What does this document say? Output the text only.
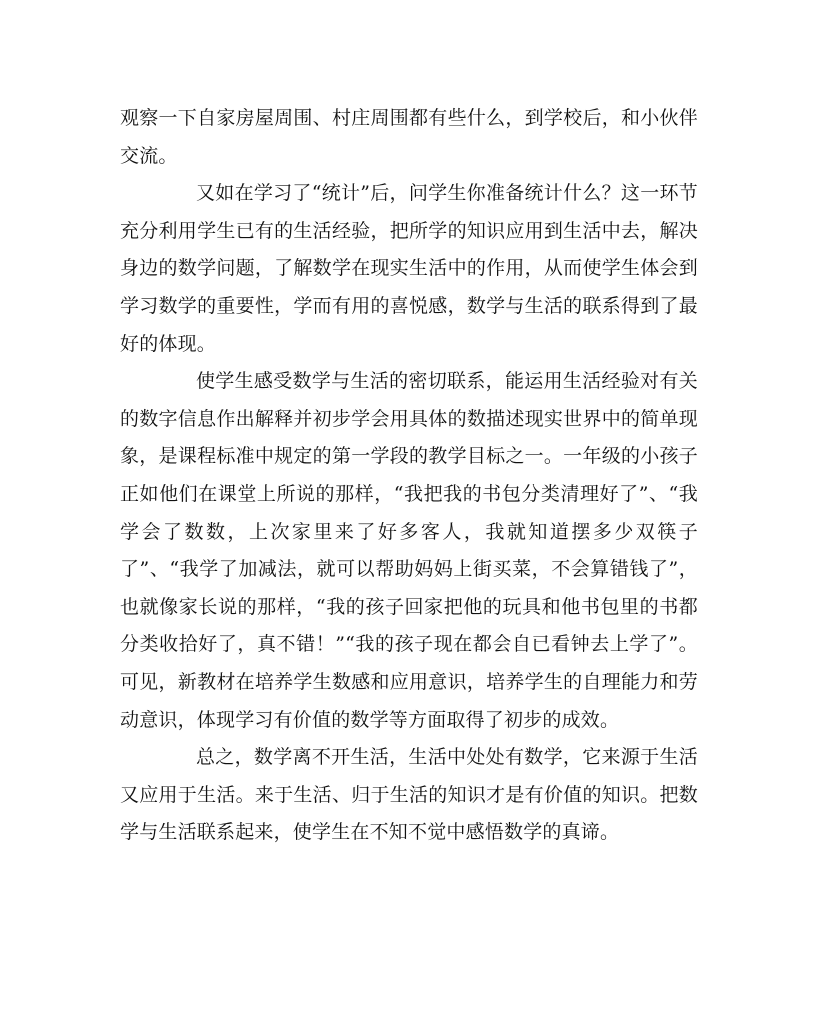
观察一下自家房屋周围、村庄周围都有些什么，到学校后，和小伙伴交流。

又如在学习了“统计”后，问学生你准备统计什么？这一环节充分利用学生已有的生活经验，把所学的知识应用到生活中去，解决身边的数学问题，了解数学在现实生活中的作用，从而使学生体会到学习数学的重要性，学而有用的喜悦感，数学与生活的联系得到了最好的体现。

使学生感受数学与生活的密切联系，能运用生活经验对有关的数字信息作出解释并初步学会用具体的数描述现实世界中的简单现象，是课程标准中规定的第一学段的教学目标之一。一年级的小孩子正如他们在课堂上所说的那样，“我把我的书包分类清理好了”、“我学会了数数，上次家里来了好多客人，我就知道摆多少双筷子了”、“我学了加减法，就可以帮助妈妈上街买菜，不会算错钱了”，也就像家长说的那样，“我的孩子回家把他的玩具和他书包里的书都分类收拾好了，真不错！”“我的孩子现在都会自已看钟去上学了”。可见，新教材在培养学生数感和应用意识，培养学生的自理能力和劳动意识，体现学习有价值的数学等方面取得了初步的成效。

总之，数学离不开生活，生活中处处有数学，它来源于生活又应用于生活。来于生活、归于生活的知识才是有价值的知识。把数学与生活联系起来，使学生在不知不觉中感悟数学的真谛。
